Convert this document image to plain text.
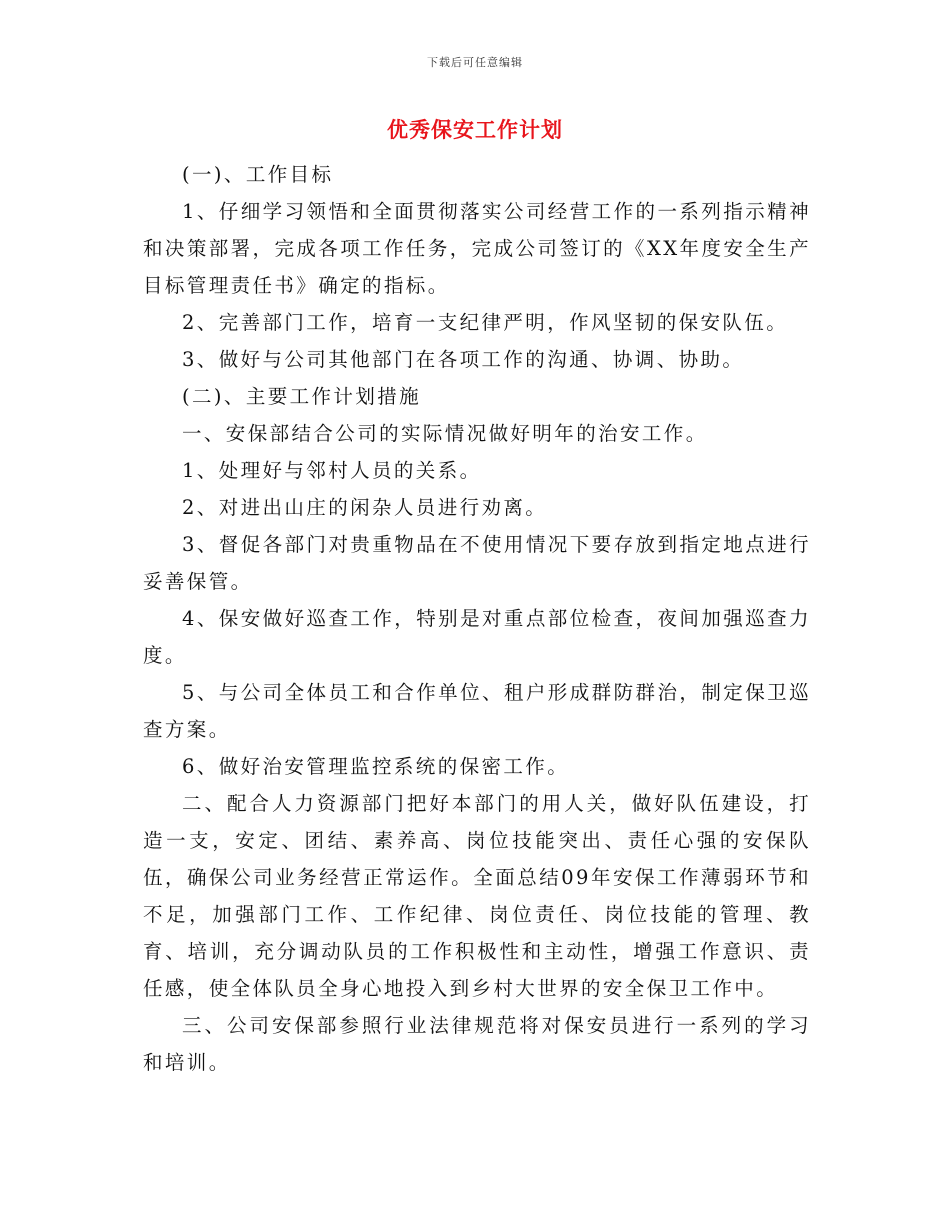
下载后可任意编辑
优秀保安工作计划

(一)、工作目标

1、仔细学习领悟和全面贯彻落实公司经营工作的一系列指示精神和决策部署，完成各项工作任务，完成公司签订的《XX年度安全生产目标管理责任书》确定的指标。

2、完善部门工作，培育一支纪律严明，作风坚韧的保安队伍。

3、做好与公司其他部门在各项工作的沟通、协调、协助。

(二)、主要工作计划措施

一、安保部结合公司的实际情况做好明年的治安工作。

1、处理好与邻村人员的关系。

2、对进出山庄的闲杂人员进行劝离。

3、督促各部门对贵重物品在不使用情况下要存放到指定地点进行妥善保管。

4、保安做好巡查工作，特别是对重点部位检查，夜间加强巡查力度。

5、与公司全体员工和合作单位、租户形成群防群治，制定保卫巡查方案。

6、做好治安管理监控系统的保密工作。

二、配合人力资源部门把好本部门的用人关，做好队伍建设，打造一支，安定、团结、素养高、岗位技能突出、责任心强的安保队伍，确保公司业务经营正常运作。全面总结09年安保工作薄弱环节和不足，加强部门工作、工作纪律、岗位责任、岗位技能的管理、教育、培训，充分调动队员的工作积极性和主动性，增强工作意识、责任感，使全体队员全身心地投入到乡村大世界的安全保卫工作中。

三、公司安保部参照行业法律规范将对保安员进行一系列的学习和培训。
